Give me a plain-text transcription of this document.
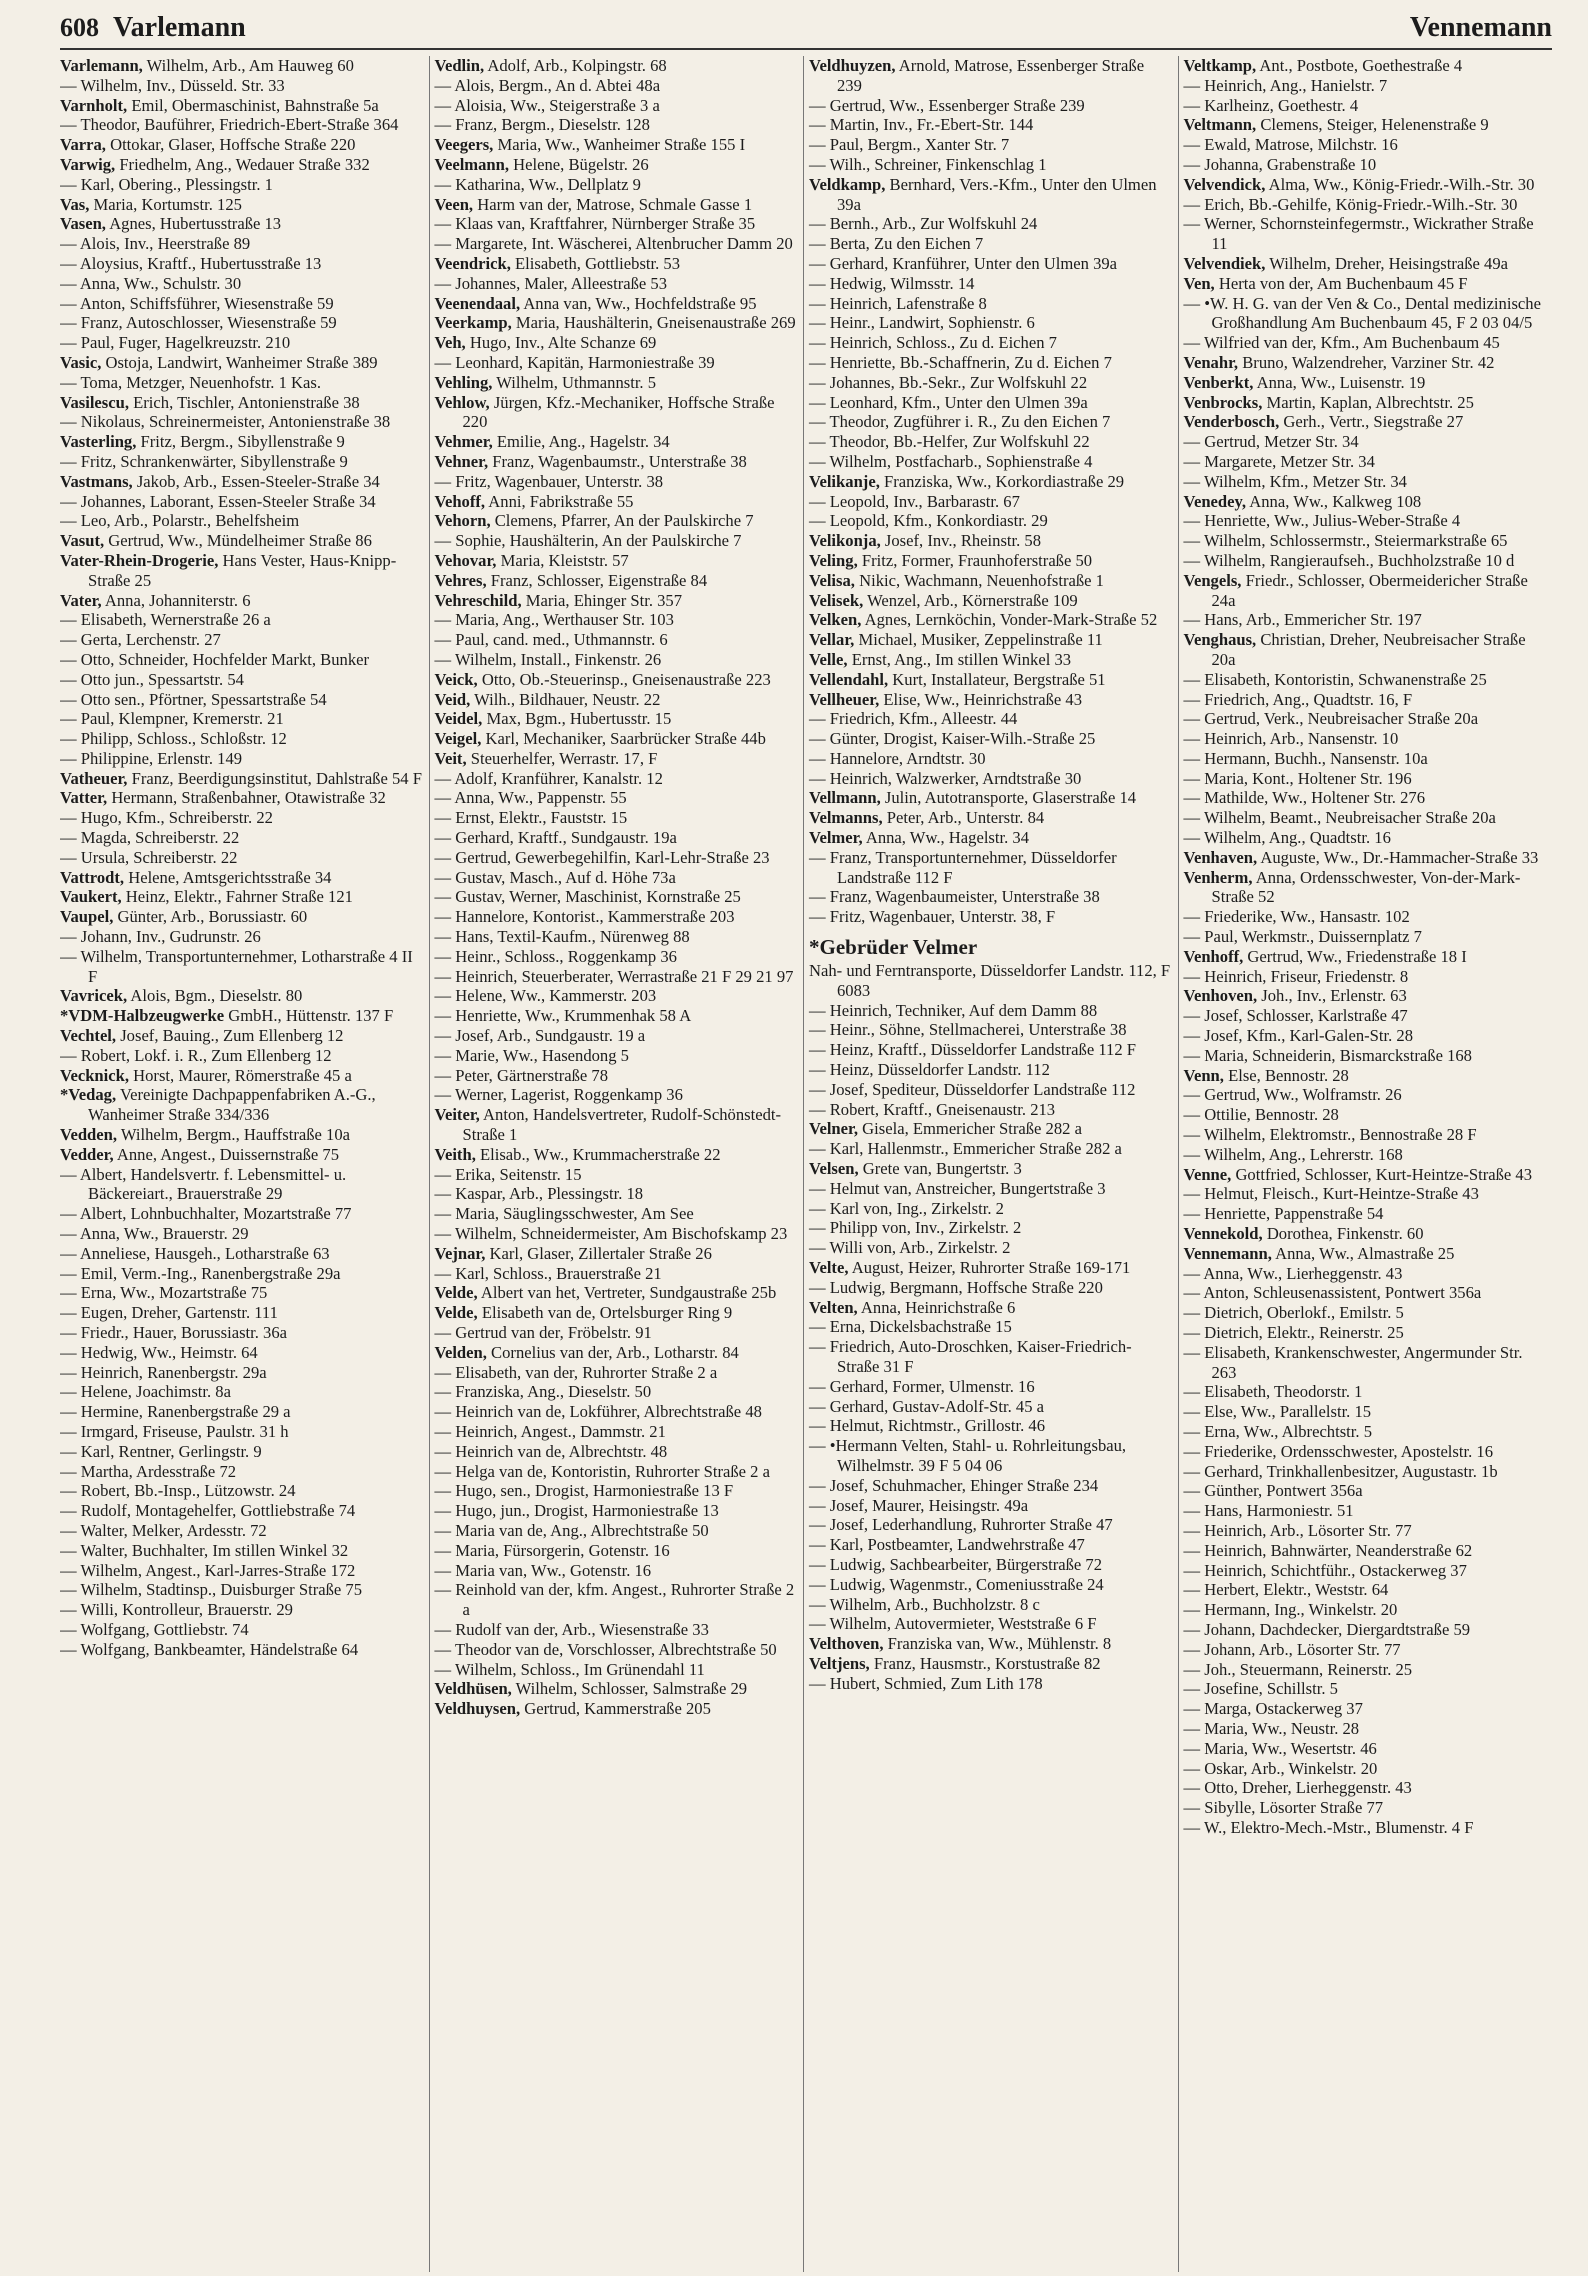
608 Varlemann	Vennemann

Varlemann, Wilhelm, Arb., Am Hauweg 60

— Wilhelm, Inv., Düsseld. Str. 33

Varnholt, Emil, Obermaschinist, Bahnstraße 5a

— Theodor, Bauführer, Friedrich-Ebert-Straße 364

Varra, Ottokar, Glaser, Hoffsche Straße 220

Varwig, Friedhelm, Ang., Wedauer Straße 332

— Karl, Obering., Plessingstr. 1

Vas, Maria, Kortumstr. 125

Vasen, Agnes, Hubertusstraße 13

— Alois, Inv., Heerstraße 89

— Aloysius, Kraftf., Hubertusstraße 13

— Anna, Ww., Schulstr. 30

— Anton, Schiffsführer, Wiesenstraße 59

— Franz, Autoschlosser, Wiesenstraße 59

— Paul, Fuger, Hagelkreuzstr. 210

Vasic, Ostoja, Landwirt, Wanheimer Straße 389

— Toma, Metzger, Neuenhofstr. 1 Kas.

Vasilescu, Erich, Tischler, Antonienstraße 38

— Nikolaus, Schreinermeister, Antonienstraße 38

Vasterling, Fritz, Bergm., Sibyllenstraße 9

— Fritz, Schrankenwärter, Sibyllenstraße 9

Vastmans, Jakob, Arb., Essen-Steeler-Straße 34

— Johannes, Laborant, Essen-Steeler Straße 34

— Leo, Arb., Polarstr., Behelfsheim

Vasut, Gertrud, Ww., Mündelheimer Straße 86

Vater-Rhein-Drogerie, Hans Vester, Haus-Knipp-Straße 25

Vater, Anna, Johanniterstr. 6

— Elisabeth, Wernerstraße 26 a

— Gerta, Lerchenstr. 27

— Otto, Schneider, Hochfelder Markt, Bunker

— Otto jun., Spessartstr. 54

— Otto sen., Pförtner, Spessartstraße 54

— Paul, Klempner, Kremerstr. 21

— Philipp, Schloss., Schloßstr. 12

— Philippine, Erlenstr. 149

Vatheuer, Franz, Beerdigungsinstitut, Dahlstraße 54 F

Vatter, Hermann, Straßenbahner, Otawistraße 32

— Hugo, Kfm., Schreiberstr. 22

— Magda, Schreiberstr. 22

— Ursula, Schreiberstr. 22

Vattrodt, Helene, Amtsgerichtsstraße 34

Vaukert, Heinz, Elektr., Fahrner Straße 121

Vaupel, Günter, Arb., Borussiastr. 60

— Johann, Inv., Gudrunstr. 26

— Wilhelm, Transportunternehmer, Lotharstraße 4 II F

Vavricek, Alois, Bgm., Dieselstr. 80

*VDM-Halbzeugwerke GmbH., Hüttenstr. 137 F

Vechtel, Josef, Bauing., Zum Ellenberg 12

— Robert, Lokf. i. R., Zum Ellenberg 12

Vecknick, Horst, Maurer, Römerstraße 45 a

*Vedag, Vereinigte Dachpappenfabriken A.-G., Wanheimer Straße 334/336

Vedden, Wilhelm, Bergm., Hauffstraße 10a

Vedder, Anne, Angest., Duissernstraße 75

— Albert, Handelsvertr. f. Lebensmittel- u. Bäckereiart., Brauerstraße 29

— Albert, Lohnbuchhalter, Mozartstraße 77

— Anna, Ww., Brauerstr. 29

— Anneliese, Hausgeh., Lotharstraße 63

— Emil, Verm.-Ing., Ranenbergstraße 29a

— Erna, Ww., Mozartstraße 75

— Eugen, Dreher, Gartenstr. 111

— Friedr., Hauer, Borussiastr. 36a

— Hedwig, Ww., Heimstr. 64

— Heinrich, Ranenbergstr. 29a

— Helene, Joachimstr. 8a

— Hermine, Ranenbergstraße 29 a

— Irmgard, Friseuse, Paulstr. 31 h

— Karl, Rentner, Gerlingstr. 9

— Martha, Ardesstraße 72

— Robert, Bb.-Insp., Lützowstr. 24

— Rudolf, Montagehelfer, Gottliebstraße 74

— Walter, Melker, Ardesstr. 72

— Walter, Buchhalter, Im stillen Winkel 32

— Wilhelm, Angest., Karl-Jarres-Straße 172

— Wilhelm, Stadtinsp., Duisburger Straße 75

— Willi, Kontrolleur, Brauerstr. 29

— Wolfgang, Gottliebstr. 74

— Wolfgang, Bankbeamter, Händelstraße 64

Vedlin, Adolf, Arb., Kolpingstr. 68

— Alois, Bergm., An d. Abtei 48a

— Aloisia, Ww., Steigerstraße 3 a

— Franz, Bergm., Dieselstr. 128

Veegers, Maria, Ww., Wanheimer Straße 155 I

Veelmann, Helene, Bügelstr. 26

— Katharina, Ww., Dellplatz 9

Veen, Harm van der, Matrose, Schmale Gasse 1

— Klaas van, Kraftfahrer, Nürnberger Straße 35

— Margarete, Int. Wäscherei, Altenbrucher Damm 20

Veendrick, Elisabeth, Gottliebstr. 53

— Johannes, Maler, Alleestraße 53

Veenendaal, Anna van, Ww., Hochfeldstraße 95

Veerkamp, Maria, Haushälterin, Gneisenaustraße 269

Veh, Hugo, Inv., Alte Schanze 69

— Leonhard, Kapitän, Harmoniestraße 39

Vehling, Wilhelm, Uthmannstr. 5

Vehlow, Jürgen, Kfz.-Mechaniker, Hoffsche Straße 220

Vehmer, Emilie, Ang., Hagelstr. 34

Vehner, Franz, Wagenbaumstr., Unterstraße 38

— Fritz, Wagenbauer, Unterstr. 38

Vehoff, Anni, Fabrikstraße 55

Vehorn, Clemens, Pfarrer, An der Paulskirche 7

— Sophie, Haushälterin, An der Paulskirche 7

Vehovar, Maria, Kleiststr. 57

Vehres, Franz, Schlosser, Eigenstraße 84

Vehreschild, Maria, Ehinger Str. 357

— Maria, Ang., Werthauser Str. 103

— Paul, cand. med., Uthmannstr. 6

— Wilhelm, Install., Finkenstr. 26

Veick, Otto, Ob.-Steuerinsp., Gneisenaustraße 223

Veid, Wilh., Bildhauer, Neustr. 22

Veidel, Max, Bgm., Hubertusstr. 15

Veigel, Karl, Mechaniker, Saarbrücker Straße 44b

Veit, Steuerhelfer, Werrastr. 17, F

— Adolf, Kranführer, Kanalstr. 12

— Anna, Ww., Pappenstr. 55

— Ernst, Elektr., Fauststr. 15

— Gerhard, Kraftf., Sundgaustr. 19a

— Gertrud, Gewerbegehilfin, Karl-Lehr-Straße 23

— Gustav, Masch., Auf d. Höhe 73a

— Gustav, Werner, Maschinist, Kornstraße 25

— Hannelore, Kontorist., Kammerstraße 203

— Hans, Textil-Kaufm., Nürenweg 88

— Heinr., Schloss., Roggenkamp 36

— Heinrich, Steuerberater, Werrastraße 21 F 29 21 97

— Helene, Ww., Kammerstr. 203

— Henriette, Ww., Krummenhak 58 A

— Josef, Arb., Sundgaustr. 19 a

— Marie, Ww., Hasendong 5

— Peter, Gärtnerstraße 78

— Werner, Lagerist, Roggenkamp 36

Veiter, Anton, Handelsvertreter, Rudolf-Schönstedt-Straße 1

Veith, Elisab., Ww., Krummacherstraße 22

— Erika, Seitenstr. 15

— Kaspar, Arb., Plessingstr. 18

— Maria, Säuglingsschwester, Am See

— Wilhelm, Schneidermeister, Am Bischofskamp 23

Vejnar, Karl, Glaser, Zillertaler Straße 26

— Karl, Schloss., Brauerstraße 21

Velde, Albert van het, Vertreter, Sundgaustraße 25b

Velde, Elisabeth van de, Ortelsburger Ring 9

— Gertrud van der, Fröbelstr. 91

Velden, Cornelius van der, Arb., Lotharstr. 84

— Elisabeth, van der, Ruhrorter Straße 2 a

— Franziska, Ang., Dieselstr. 50

— Heinrich van de, Lokführer, Albrechtstraße 48

— Heinrich, Angest., Dammstr. 21

— Heinrich van de, Albrechtstr. 48

— Helga van de, Kontoristin, Ruhrorter Straße 2 a

— Hugo, sen., Drogist, Harmoniestraße 13 F

— Hugo, jun., Drogist, Harmoniestraße 13

— Maria van de, Ang., Albrechtstraße 50

— Maria, Fürsorgerin, Gotenstr. 16

— Maria van, Ww., Gotenstr. 16

— Reinhold van der, kfm. Angest., Ruhrorter Straße 2 a

— Rudolf van der, Arb., Wiesenstraße 33

— Theodor van de, Vorschlosser, Albrechtstraße 50

— Wilhelm, Schloss., Im Grünendahl 11

Veldhüsen, Wilhelm, Schlosser, Salmstraße 29

Veldhuysen, Gertrud, Kammerstraße 205

Veldhuyzen, Arnold, Matrose, Essenberger Straße 239

— Gertrud, Ww., Essenberger Straße 239

— Martin, Inv., Fr.-Ebert-Str. 144

— Paul, Bergm., Xanter Str. 7

— Wilh., Schreiner, Finkenschlag 1

Veldkamp, Bernhard, Vers.-Kfm., Unter den Ulmen 39a

— Bernh., Arb., Zur Wolfskuhl 24

— Berta, Zu den Eichen 7

— Gerhard, Kranführer, Unter den Ulmen 39a

— Hedwig, Wilmsstr. 14

— Heinrich, Lafenstraße 8

— Heinr., Landwirt, Sophienstr. 6

— Heinrich, Schloss., Zu d. Eichen 7

— Henriette, Bb.-Schaffnerin, Zu d. Eichen 7

— Johannes, Bb.-Sekr., Zur Wolfskuhl 22

— Leonhard, Kfm., Unter den Ulmen 39a

— Theodor, Zugführer i. R., Zu den Eichen 7

— Theodor, Bb.-Helfer, Zur Wolfskuhl 22

— Wilhelm, Postfacharb., Sophienstraße 4

Velikanje, Franziska, Ww., Korkordiastraße 29

— Leopold, Inv., Barbarastr. 67

— Leopold, Kfm., Konkordiastr. 29

Velikonja, Josef, Inv., Rheinstr. 58

Veling, Fritz, Former, Fraunhoferstraße 50

Velisa, Nikic, Wachmann, Neuenhofstraße 1

Velisek, Wenzel, Arb., Körnerstraße 109

Velken, Agnes, Lernköchin, Vonder-Mark-Straße 52

Vellar, Michael, Musiker, Zeppelinstraße 11

Velle, Ernst, Ang., Im stillen Winkel 33

Vellendahl, Kurt, Installateur, Bergstraße 51

Vellheuer, Elise, Ww., Heinrichstraße 43

— Friedrich, Kfm., Alleestr. 44

— Günter, Drogist, Kaiser-Wilh.-Straße 25

— Hannelore, Arndtstr. 30

— Heinrich, Walzwerker, Arndtstraße 30

Vellmann, Julin, Autotransporte, Glaserstraße 14

Velmanns, Peter, Arb., Unterstr. 84

Velmer, Anna, Ww., Hagelstr. 34

— Franz, Transportunternehmer, Düsseldorfer Landstraße 112 F

— Franz, Wagenbaumeister, Unterstraße 38

— Fritz, Wagenbauer, Unterstr. 38, F

*Gebrüder Velmer

Nah- und Ferntransporte, Düsseldorfer Landstr. 112, F 6083

— Heinrich, Techniker, Auf dem Damm 88

— Heinr., Söhne, Stellmacherei, Unterstraße 38

— Heinz, Kraftf., Düsseldorfer Landstraße 112 F

— Heinz, Düsseldorfer Landstr. 112

— Josef, Spediteur, Düsseldorfer Landstraße 112

— Robert, Kraftf., Gneisenaustr. 213

Velner, Gisela, Emmericher Straße 282 a

— Karl, Hallenmstr., Emmericher Straße 282 a

Velsen, Grete van, Bungertstr. 3

— Helmut van, Anstreicher, Bungertstraße 3

— Karl von, Ing., Zirkelstr. 2

— Philipp von, Inv., Zirkelstr. 2

— Willi von, Arb., Zirkelstr. 2

Velte, August, Heizer, Ruhrorter Straße 169-171

— Ludwig, Bergmann, Hoffsche Straße 220

Velten, Anna, Heinrichstraße 6

— Erna, Dickelsbachstraße 15

— Friedrich, Auto-Droschken, Kaiser-Friedrich-Straße 31 F

— Gerhard, Former, Ulmenstr. 16

— Gerhard, Gustav-Adolf-Str. 45 a

— Helmut, Richtmstr., Grillostr. 46

— •Hermann Velten, Stahl- u. Rohrleitungsbau, Wilhelmstr. 39 F 5 04 06

— Josef, Schuhmacher, Ehinger Straße 234

— Josef, Maurer, Heisingstr. 49a

— Josef, Lederhandlung, Ruhrorter Straße 47

— Karl, Postbeamter, Landwehrstraße 47

— Ludwig, Sachbearbeiter, Bürgerstraße 72

— Ludwig, Wagenmstr., Comeniusstraße 24

— Wilhelm, Arb., Buchholzstr. 8 c

— Wilhelm, Autovermieter, Weststraße 6 F

Velthoven, Franziska van, Ww., Mühlenstr. 8

Veltjens, Franz, Hausmstr., Korstustraße 82

— Hubert, Schmied, Zum Lith 178

Veltkamp, Ant., Postbote, Goethestraße 4

— Heinrich, Ang., Hanielstr. 7

— Karlheinz, Goethestr. 4

Veltmann, Clemens, Steiger, Helenenstraße 9

— Ewald, Matrose, Milchstr. 16

— Johanna, Grabenstraße 10

Velvendick, Alma, Ww., König-Friedr.-Wilh.-Str. 30

— Erich, Bb.-Gehilfe, König-Friedr.-Wilh.-Str. 30

— Werner, Schornsteinfegermstr., Wickrather Straße 11

Velvendiek, Wilhelm, Dreher, Heisingstraße 49a

Ven, Herta von der, Am Buchenbaum 45 F

— •W. H. G. van der Ven & Co., Dental medizinische Großhandlung Am Buchenbaum 45, F 2 03 04/5

— Wilfried van der, Kfm., Am Buchenbaum 45

Venahr, Bruno, Walzendreher, Varziner Str. 42

Venberkt, Anna, Ww., Luisenstr. 19

Venbrocks, Martin, Kaplan, Albrechtstr. 25

Venderbosch, Gerh., Vertr., Siegstraße 27

— Gertrud, Metzer Str. 34

— Margarete, Metzer Str. 34

— Wilhelm, Kfm., Metzer Str. 34

Venedey, Anna, Ww., Kalkweg 108

— Henriette, Ww., Julius-Weber-Straße 4

— Wilhelm, Schlossermstr., Steiermarkstraße 65

— Wilhelm, Rangieraufseh., Buchholzstraße 10 d

Vengels, Friedr., Schlosser, Obermeidericher Straße 24a

— Hans, Arb., Emmericher Str. 197

Venghaus, Christian, Dreher, Neubreisacher Straße 20a

— Elisabeth, Kontoristin, Schwanenstraße 25

— Friedrich, Ang., Quadtstr. 16, F

— Gertrud, Verk., Neubreisacher Straße 20a

— Heinrich, Arb., Nansenstr. 10

— Hermann, Buchh., Nansenstr. 10a

— Maria, Kont., Holtener Str. 196

— Mathilde, Ww., Holtener Str. 276

— Wilhelm, Beamt., Neubreisacher Straße 20a

— Wilhelm, Ang., Quadtstr. 16

Venhaven, Auguste, Ww., Dr.-Hammacher-Straße 33

Venherm, Anna, Ordensschwester, Von-der-Mark-Straße 52

— Friederike, Ww., Hansastr. 102

— Paul, Werkmstr., Duissernplatz 7

Venhoff, Gertrud, Ww., Friedenstraße 18 I

— Heinrich, Friseur, Friedenstr. 8

Venhoven, Joh., Inv., Erlenstr. 63

— Josef, Schlosser, Karlstraße 47

— Josef, Kfm., Karl-Galen-Str. 28

— Maria, Schneiderin, Bismarckstraße 168

Venn, Else, Bennostr. 28

— Gertrud, Ww., Wolframstr. 26

— Ottilie, Bennostr. 28

— Wilhelm, Elektromstr., Bennostraße 28 F

— Wilhelm, Ang., Lehrerstr. 168

Venne, Gottfried, Schlosser, Kurt-Heintze-Straße 43

— Helmut, Fleisch., Kurt-Heintze-Straße 43

— Henriette, Pappenstraße 54

Vennekold, Dorothea, Finkenstr. 60

Vennemann, Anna, Ww., Almastraße 25

— Anna, Ww., Lierheggenstr. 43

— Anton, Schleusenassistent, Pontwert 356a

— Dietrich, Oberlokf., Emilstr. 5

— Dietrich, Elektr., Reinerstr. 25

— Elisabeth, Krankenschwester, Angermunder Str. 263

— Elisabeth, Theodorstr. 1

— Else, Ww., Parallelstr. 15

— Erna, Ww., Albrechtstr. 5

— Friederike, Ordensschwester, Apostelstr. 16

— Gerhard, Trinkhallenbesitzer, Augustastr. 1b

— Günther, Pontwert 356a

— Hans, Harmoniestr. 51

— Heinrich, Arb., Lösorter Str. 77

— Heinrich, Bahnwärter, Neanderstraße 62

— Heinrich, Schichtführ., Ostackerweg 37

— Herbert, Elektr., Weststr. 64

— Hermann, Ing., Winkelstr. 20

— Johann, Dachdecker, Diergardtstraße 59

— Johann, Arb., Lösorter Str. 77

— Joh., Steuermann, Reinerstr. 25

— Josefine, Schillstr. 5

— Marga, Ostackerweg 37

— Maria, Ww., Neustr. 28

— Maria, Ww., Wesertstr. 46

— Oskar, Arb., Winkelstr. 20

— Otto, Dreher, Lierheggenstr. 43

— Sibylle, Lösorter Straße 77

— W., Elektro-Mech.-Mstr., Blumenstr. 4 F
